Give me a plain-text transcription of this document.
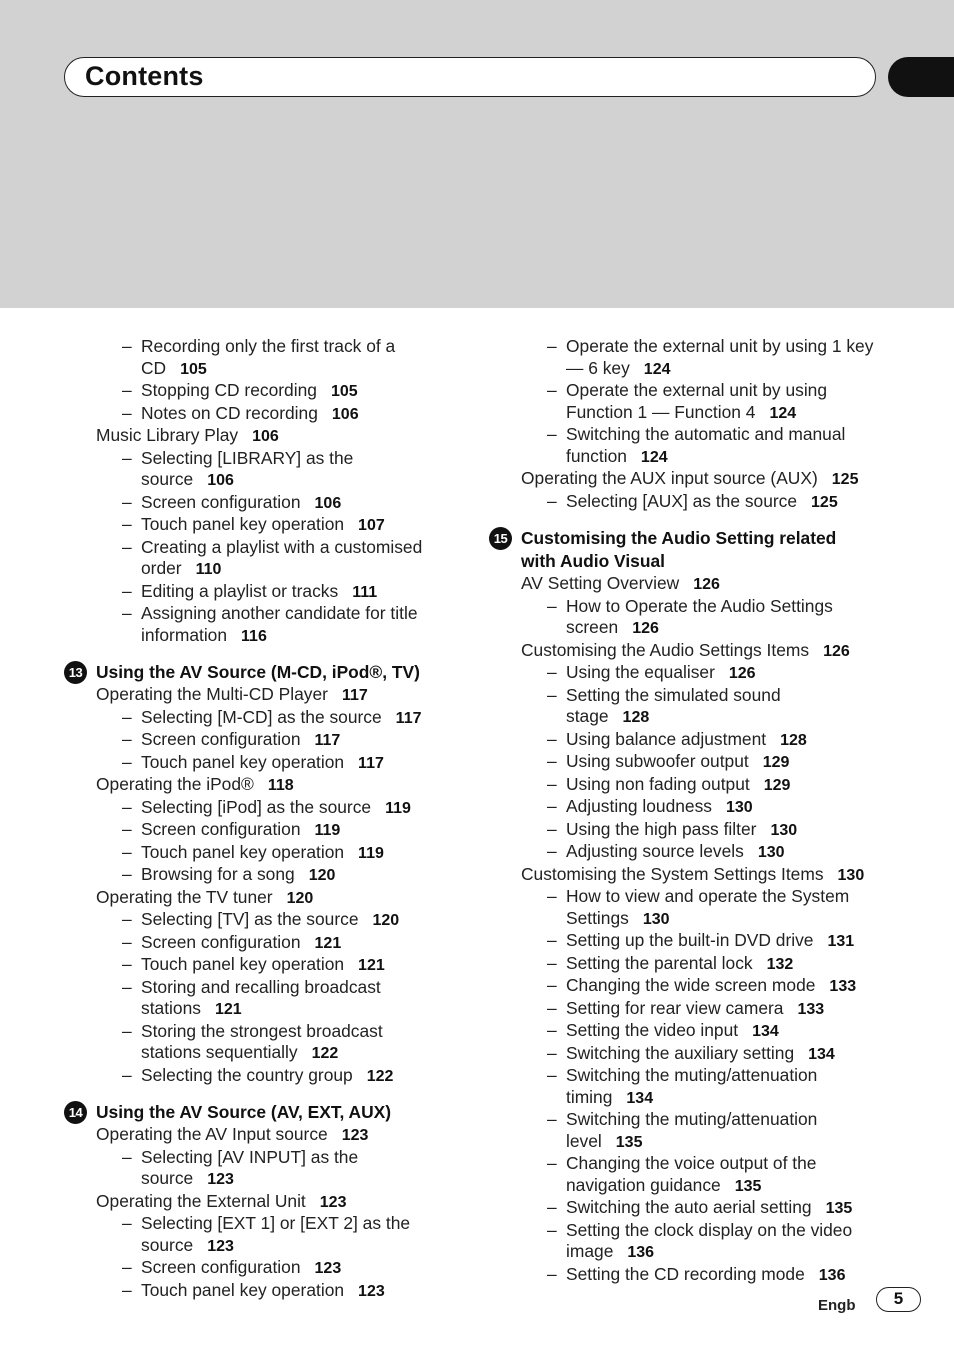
Contents
– Recording only the first track of a
CD 105
– Stopping CD recording 105
– Notes on CD recording 106
Music Library Play 106
– Selecting [LIBRARY] as the
source 106
– Screen configuration 106
– Touch panel key operation 107
– Creating a playlist with a customised
order 110
– Editing a playlist or tracks 111
– Assigning another candidate for title
information 116
13 Using the AV Source (M-CD, iPod®, TV)
Operating the Multi-CD Player 117
– Selecting [M-CD] as the source 117
– Screen configuration 117
– Touch panel key operation 117
Operating the iPod® 118
– Selecting [iPod] as the source 119
– Screen configuration 119
– Touch panel key operation 119
– Browsing for a song 120
Operating the TV tuner 120
– Selecting [TV] as the source 120
– Screen configuration 121
– Touch panel key operation 121
– Storing and recalling broadcast
stations 121
– Storing the strongest broadcast
stations sequentially 122
– Selecting the country group 122
14 Using the AV Source (AV, EXT, AUX)
Operating the AV Input source 123
– Selecting [AV INPUT] as the
source 123
Operating the External Unit 123
– Selecting [EXT 1] or [EXT 2] as the
source 123
– Screen configuration 123
– Touch panel key operation 123
– Operate the external unit by using 1 key
— 6 key 124
– Operate the external unit by using
Function 1 — Function 4 124
– Switching the automatic and manual
function 124
Operating the AUX input source (AUX) 125
– Selecting [AUX] as the source 125
15 Customising the Audio Setting related
with Audio Visual
AV Setting Overview 126
– How to Operate the Audio Settings
screen 126
Customising the Audio Settings Items 126
– Using the equaliser 126
– Setting the simulated sound
stage 128
– Using balance adjustment 128
– Using subwoofer output 129
– Using non fading output 129
– Adjusting loudness 130
– Using the high pass filter 130
– Adjusting source levels 130
Customising the System Settings Items 130
– How to view and operate the System
Settings 130
– Setting up the built-in DVD drive 131
– Setting the parental lock 132
– Changing the wide screen mode 133
– Setting for rear view camera 133
– Setting the video input 134
– Switching the auxiliary setting 134
– Switching the muting/attenuation
timing 134
– Switching the muting/attenuation
level 135
– Changing the voice output of the
navigation guidance 135
– Switching the auto aerial setting 135
– Setting the clock display on the video
image 136
– Setting the CD recording mode 136
Engb	5
